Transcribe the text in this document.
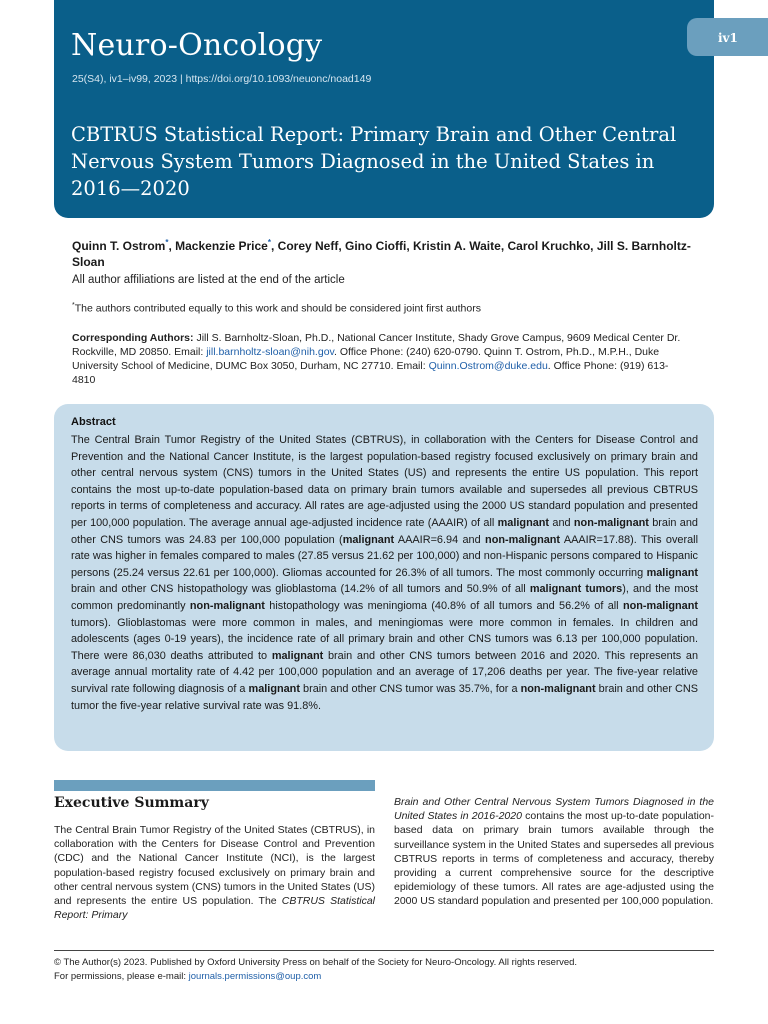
Neuro-Oncology
25(S4), iv1–iv99, 2023 | https://doi.org/10.1093/neuonc/noad149
CBTRUS Statistical Report: Primary Brain and Other Central Nervous System Tumors Diagnosed in the United States in 2016—2020
iv1
Quinn T. Ostrom*, Mackenzie Price*, Corey Neff, Gino Cioffi, Kristin A. Waite, Carol Kruchko, Jill S. Barnholtz-Sloan
All author affiliations are listed at the end of the article
*The authors contributed equally to this work and should be considered joint first authors
Corresponding Authors: Jill S. Barnholtz-Sloan, Ph.D., National Cancer Institute, Shady Grove Campus, 9609 Medical Center Dr. Rockville, MD 20850. Email: jill.barnholtz-sloan@nih.gov. Office Phone: (240) 620-0790. Quinn T. Ostrom, Ph.D., M.P.H., Duke University School of Medicine, DUMC Box 3050, Durham, NC 27710. Email: Quinn.Ostrom@duke.edu. Office Phone: (919) 613-4810
Abstract
The Central Brain Tumor Registry of the United States (CBTRUS), in collaboration with the Centers for Disease Control and Prevention and the National Cancer Institute, is the largest population-based registry focused exclusively on primary brain and other central nervous system (CNS) tumors in the United States (US) and represents the entire US population. This report contains the most up-to-date population-based data on primary brain tumors available and supersedes all previous CBTRUS reports in terms of completeness and accuracy. All rates are age-adjusted using the 2000 US standard population and presented per 100,000 population. The average annual age-adjusted incidence rate (AAAIR) of all malignant and non-malignant brain and other CNS tumors was 24.83 per 100,000 population (malignant AAAIR=6.94 and non-malignant AAAIR=17.88). This overall rate was higher in females compared to males (27.85 versus 21.62 per 100,000) and non-Hispanic persons compared to Hispanic persons (25.24 versus 22.61 per 100,000). Gliomas accounted for 26.3% of all tumors. The most commonly occurring malignant brain and other CNS histopathology was glioblastoma (14.2% of all tumors and 50.9% of all malignant tumors), and the most common predominantly non-malignant histopathology was meningioma (40.8% of all tumors and 56.2% of all non-malignant tumors). Glioblastomas were more common in males, and meningiomas were more common in females. In children and adolescents (ages 0-19 years), the incidence rate of all primary brain and other CNS tumors was 6.13 per 100,000 population. There were 86,030 deaths attributed to malignant brain and other CNS tumors between 2016 and 2020. This represents an average annual mortality rate of 4.42 per 100,000 population and an average of 17,206 deaths per year. The five-year relative survival rate following diagnosis of a malignant brain and other CNS tumor was 35.7%, for a non-malignant brain and other CNS tumor the five-year relative survival rate was 91.8%.
Executive Summary
The Central Brain Tumor Registry of the United States (CBTRUS), in collaboration with the Centers for Disease Control and Prevention (CDC) and the National Cancer Institute (NCI), is the largest population-based registry focused exclusively on primary brain and other central nervous system (CNS) tumors in the United States (US) and represents the entire US population. The CBTRUS Statistical Report: Primary
Brain and Other Central Nervous System Tumors Diagnosed in the United States in 2016-2020 contains the most up-to-date population-based data on primary brain tumors available through the surveillance system in the United States and supersedes all previous CBTRUS reports in terms of completeness and accuracy, thereby providing a current comprehensive source for the descriptive epidemiology of these tumors. All rates are age-adjusted using the 2000 US standard population and presented per 100,000 population.
© The Author(s) 2023. Published by Oxford University Press on behalf of the Society for Neuro-Oncology. All rights reserved.
For permissions, please e-mail: journals.permissions@oup.com
